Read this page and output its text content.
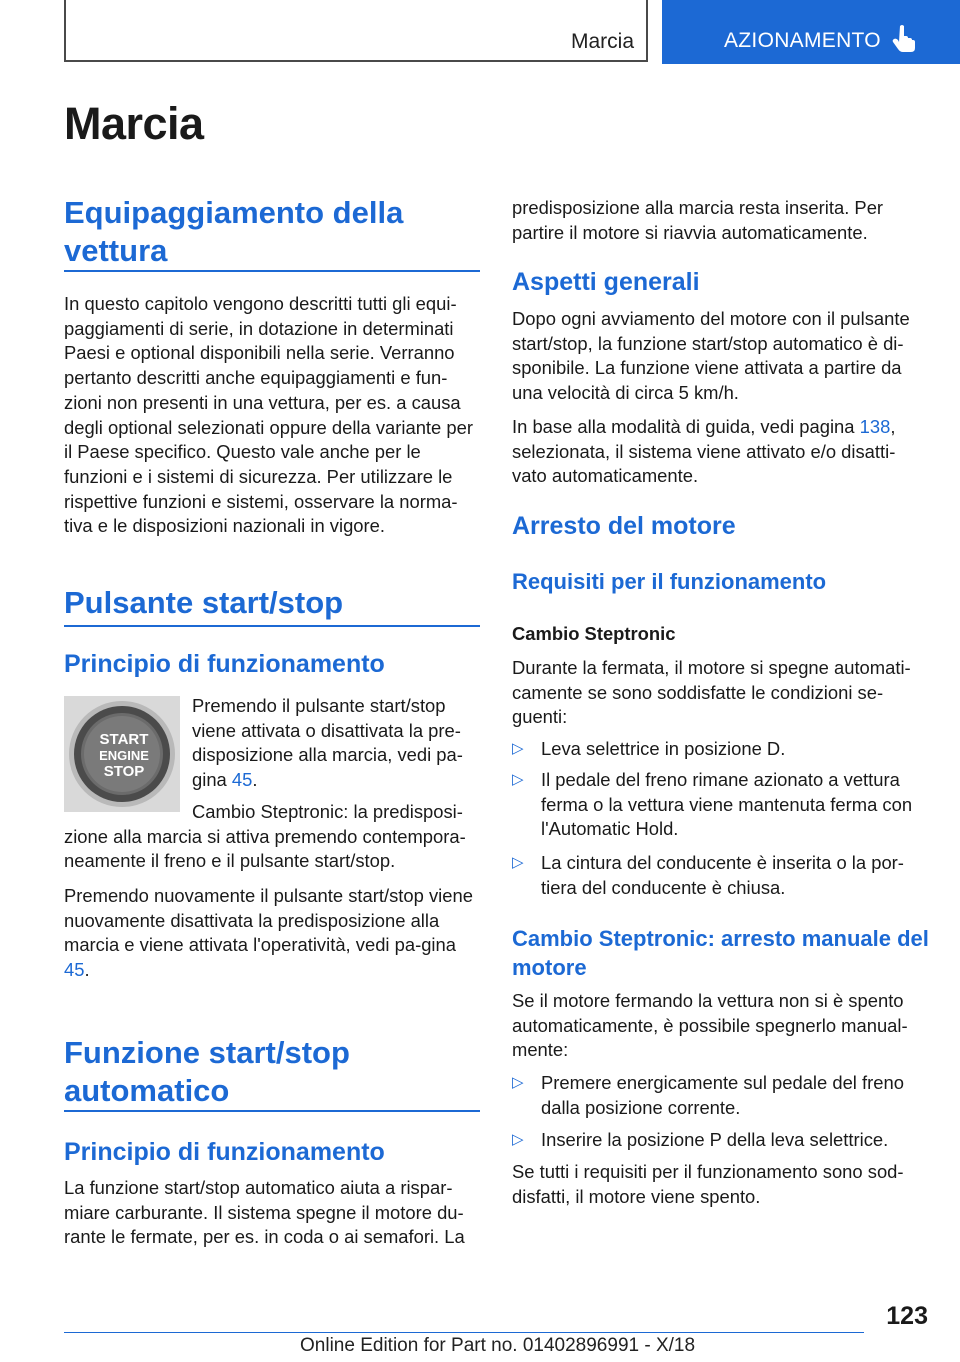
Marcia	AZIONAMENTO
Marcia
Equipaggiamento della vettura

In questo capitolo vengono descritti tutti gli equi-paggiamenti di serie, in dotazione in determinati Paesi e optional disponibili nella serie. Verranno pertanto descritti anche equipaggiamenti e fun-zioni non presenti in una vettura, per es. a causa degli optional selezionati oppure della variante per il Paese specifico. Questo vale anche per le funzioni e i sistemi di sicurezza. Per utilizzare le rispettive funzioni e sistemi, osservare la norma-tiva e le disposizioni nazionali in vigore.

Pulsante start/stop
Principio di funzionamento
START
ENGINE
STOP

Premendo il pulsante start/stop viene attivata o disattivata la pre-disposizione alla marcia, vedi pa-gina 45.

Cambio Steptronic: la predisposi-zione alla marcia si attiva premendo contempora-neamente il freno e il pulsante start/stop.

Premendo nuovamente il pulsante start/stop viene nuovamente disattivata la predisposizione alla marcia e viene attivata l'operatività, vedi pa-gina 45.

Funzione start/stop automatico
Principio di funzionamento

La funzione start/stop automatico aiuta a rispar-miare carburante. Il sistema spegne il motore du-rante le fermate, per es. in coda o ai semafori. La

predisposizione alla marcia resta inserita. Per partire il motore si riavvia automaticamente.

Aspetti generali

Dopo ogni avviamento del motore con il pulsante start/stop, la funzione start/stop automatico è di-sponibile. La funzione viene attivata a partire da una velocità di circa 5 km/h.

In base alla modalità di guida, vedi pagina 138, selezionata, il sistema viene attivato e/o disatti-vato automaticamente.

Arresto del motore
Requisiti per il funzionamento

Cambio Steptronic

Durante la fermata, il motore si spegne automati-camente se sono soddisfatte le condizioni se-guenti:

▷ Leva selettrice in posizione D.
▷ Il pedale del freno rimane azionato a vettura ferma o la vettura viene mantenuta ferma con l'Automatic Hold.
▷ La cintura del conducente è inserita o la por-tiera del conducente è chiusa.
Cambio Steptronic: arresto manuale del motore

Se il motore fermando la vettura non si è spento automaticamente, è possibile spegnerlo manual-mente:

▷ Premere energicamente sul pedale del freno dalla posizione corrente.
▷ Inserire la posizione P della leva selettrice.

Se tutti i requisiti per il funzionamento sono sod-disfatti, il motore viene spento.

123
Online Edition for Part no. 01402896991 - X/18
